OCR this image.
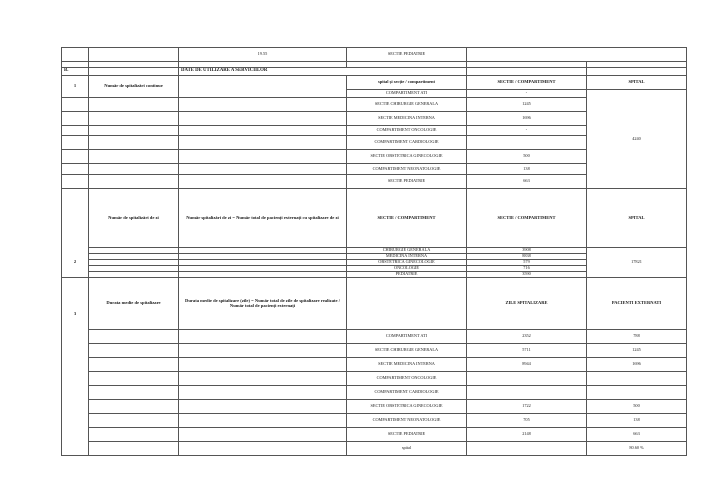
		19.55	SECTIE PEDIATRIE		

B.		DATE DE UTILIZARE A SERVICIILOR			
1	Număr de spitalizări continue		spital și secție / compartiment	SECTIE / COMPARTIMENT	SPITAL
			COMPARTIMENT ATI	-	4240
			SECTIE CHIRURGIE GENERALA	1245	
			SECTIE MEDICINA INTERNA	1696	
			COMPARTIMENT ONCOLOGIE	-	
			COMPARTIMENT CARDIOLOGIE		
			SECTIE OBSTETRICA GINECOLOGIE	500	
			COMPARTIMENT NEONATOLOGIE	138	
			SECTIE PEDIATRIE	663	
2	Număr de spitalizări de zi	Număr spitalizări de zi = Număr total de pacienți externați cu spitalizare de zi	SECTIE / COMPARTIMENT	SECTIE / COMPARTIMENT	SPITAL
			CHIRURGIE GENERALA	3908	17821
			MEDICINA INTERNA	8838	
			OBSTETRICA GINECOLOGIE	579	
			ONCOLOGIE	716	
			PEDIATRIE	3590	
3	Durata medie de spitalizare	Durata medie de spitalizare (zile) = Număr total de zile de spitalizare realizate / Număr total de pacienți externați		ZILE SPITALIZARE	PACIENTI EXTERNATI
			COMPARTIMENT ATI	2352	788
			SECTIE CHIRURGIE GENERALA	5711	1245
			SECTIE MEDICINA INTERNA	8944	1696
			COMPARTIMENT ONCOLOGIE		
			COMPARTIMENT CARDIOLOGIE		
			SECTIE OBSTETRICA GINECOLOGIE	1722	500
			COMPARTIMENT NEONATOLOGIE	705	138
			SECTIE PEDIATRIE	2148	663
			spital		80.60 %
